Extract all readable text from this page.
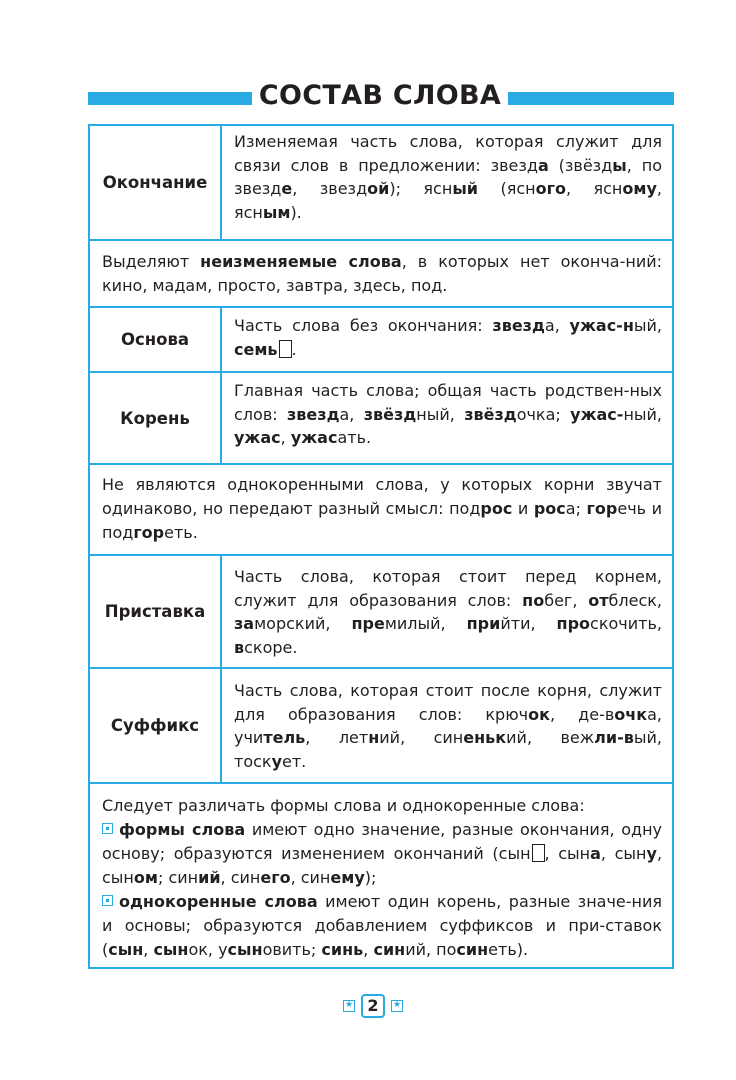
СОСТАВ СЛОВА
Окончание
Изменяемая часть слова, которая служит для связи слов в предложении: звезда (звёзды, по звезде, звездой); ясный (ясного, ясному, ясным).
Выделяют неизменяемые слова, в которых нет оконча-ний: кино, мадам, просто, завтра, здесь, под.
Основа
Часть слова без окончания: звезда, ужас-ный, семь .
Корень
Главная часть слова; общая часть родствен-ных слов: звезда, звёздный, звёздочка; ужас-ный, ужас, ужасать.
Не являются однокоренными слова, у которых корни звучат одинаково, но передают разный смысл: подрос и роса; горечь и подгореть.
Приставка
Часть слова, которая стоит перед корнем, служит для образования слов: побег, отблеск, заморский, премилый, прийти, проскочить, вскоре.
Суффикс
Часть слова, которая стоит после корня, служит для образования слов: крючок, де-вочка, учитель, летний, синенький, вежли-вый, тоскует.
Следует различать формы слова и однокоренные слова:
формы слова имеют одно значение, разные окончания, одну основу; образуются изменением окончаний (сын , сына, сыну, сыном; синий, синего, синему);
однокоренные слова имеют один корень, разные значе-ния и основы; образуются добавлением суффиксов и при-ставок (сын, сынок, усыновить; синь, синий, посинеть).
★ 2	★
